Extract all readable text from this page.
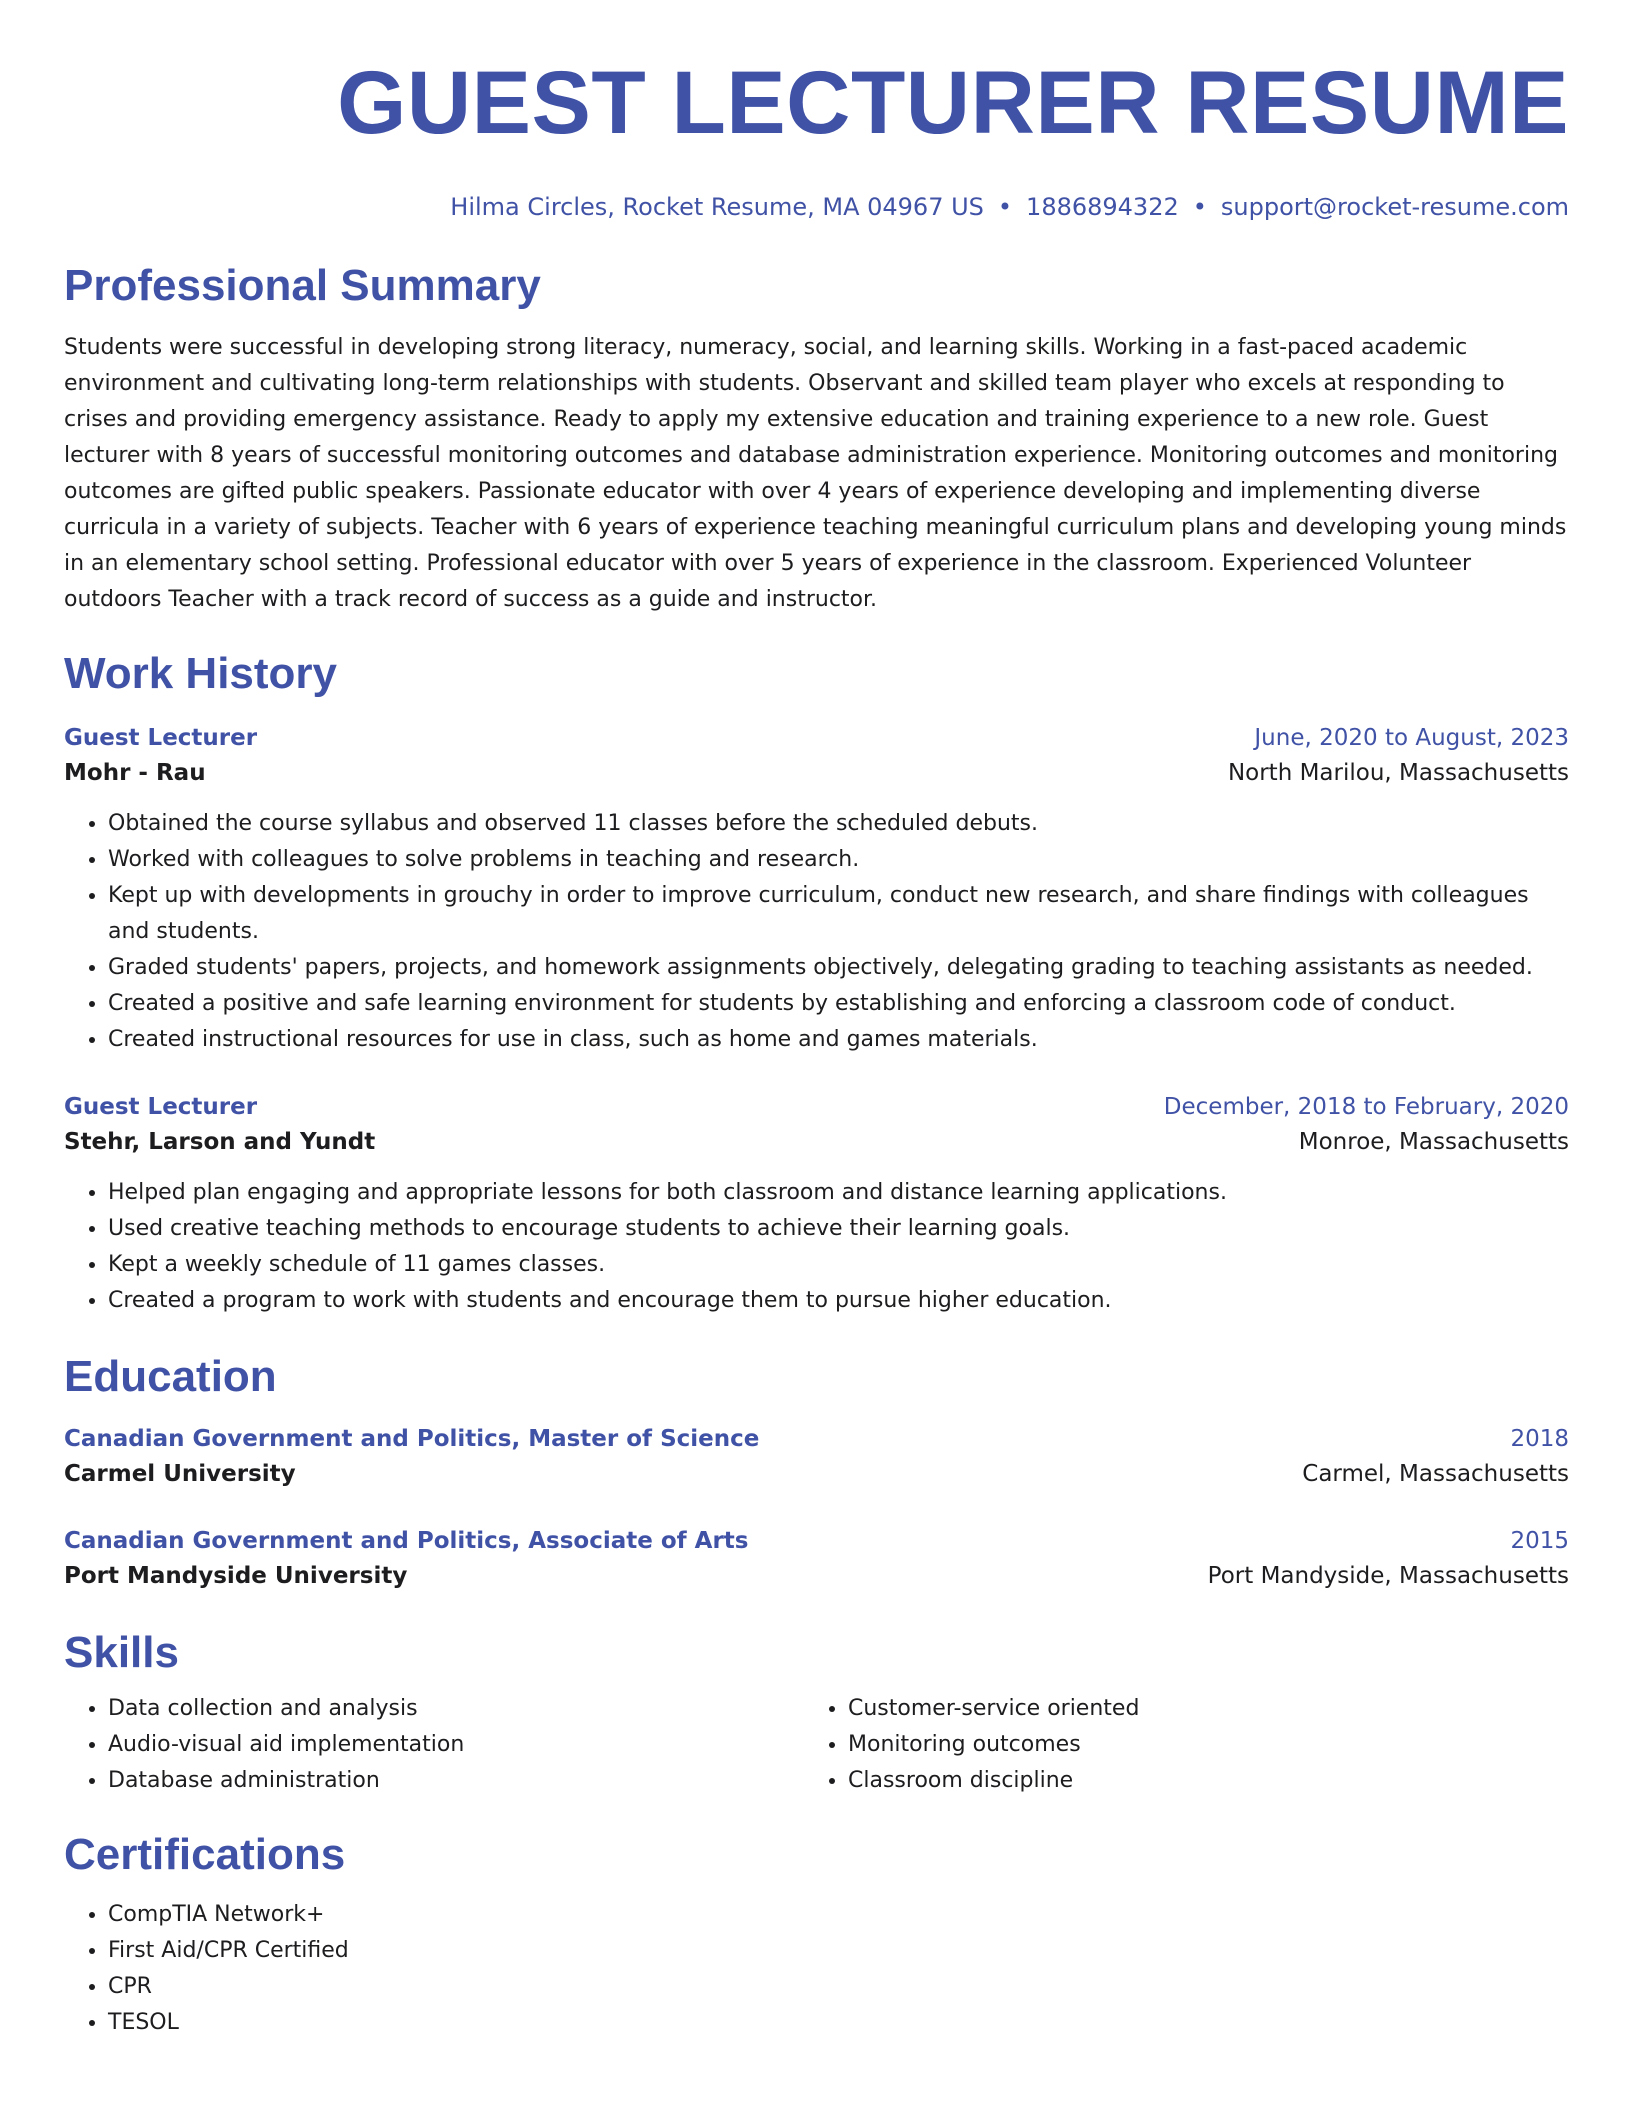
GUEST LECTURER RESUME
Hilma Circles, Rocket Resume, MA 04967 US • 1886894322 • support@rocket-resume.com
Professional Summary
Students were successful in developing strong literacy, numeracy, social, and learning skills. Working in a fast-paced academic environment and cultivating long-term relationships with students. Observant and skilled team player who excels at responding to crises and providing emergency assistance. Ready to apply my extensive education and training experience to a new role. Guest lecturer with 8 years of successful monitoring outcomes and database administration experience. Monitoring outcomes and monitoring outcomes are gifted public speakers. Passionate educator with over 4 years of experience developing and implementing diverse curricula in a variety of subjects. Teacher with 6 years of experience teaching meaningful curriculum plans and developing young minds in an elementary school setting. Professional educator with over 5 years of experience in the classroom. Experienced Volunteer outdoors Teacher with a track record of success as a guide and instructor.
Work History
Guest Lecturer	June, 2020 to August, 2023
Mohr - Rau	North Marilou, Massachusetts
• Obtained the course syllabus and observed 11 classes before the scheduled debuts.
• Worked with colleagues to solve problems in teaching and research.
• Kept up with developments in grouchy in order to improve curriculum, conduct new research, and share findings with colleagues and students.
• Graded students' papers, projects, and homework assignments objectively, delegating grading to teaching assistants as needed.
• Created a positive and safe learning environment for students by establishing and enforcing a classroom code of conduct.
• Created instructional resources for use in class, such as home and games materials.
Guest Lecturer	December, 2018 to February, 2020
Stehr, Larson and Yundt	Monroe, Massachusetts
• Helped plan engaging and appropriate lessons for both classroom and distance learning applications.
• Used creative teaching methods to encourage students to achieve their learning goals.
• Kept a weekly schedule of 11 games classes.
• Created a program to work with students and encourage them to pursue higher education.
Education
Canadian Government and Politics, Master of Science	2018
Carmel University	Carmel, Massachusetts
Canadian Government and Politics, Associate of Arts	2015
Port Mandyside University	Port Mandyside, Massachusetts
Skills
• Data collection and analysis
• Audio-visual aid implementation
• Database administration
• Customer-service oriented
• Monitoring outcomes
• Classroom discipline
Certifications
• CompTIA Network+
• First Aid/CPR Certified
• CPR
• TESOL
